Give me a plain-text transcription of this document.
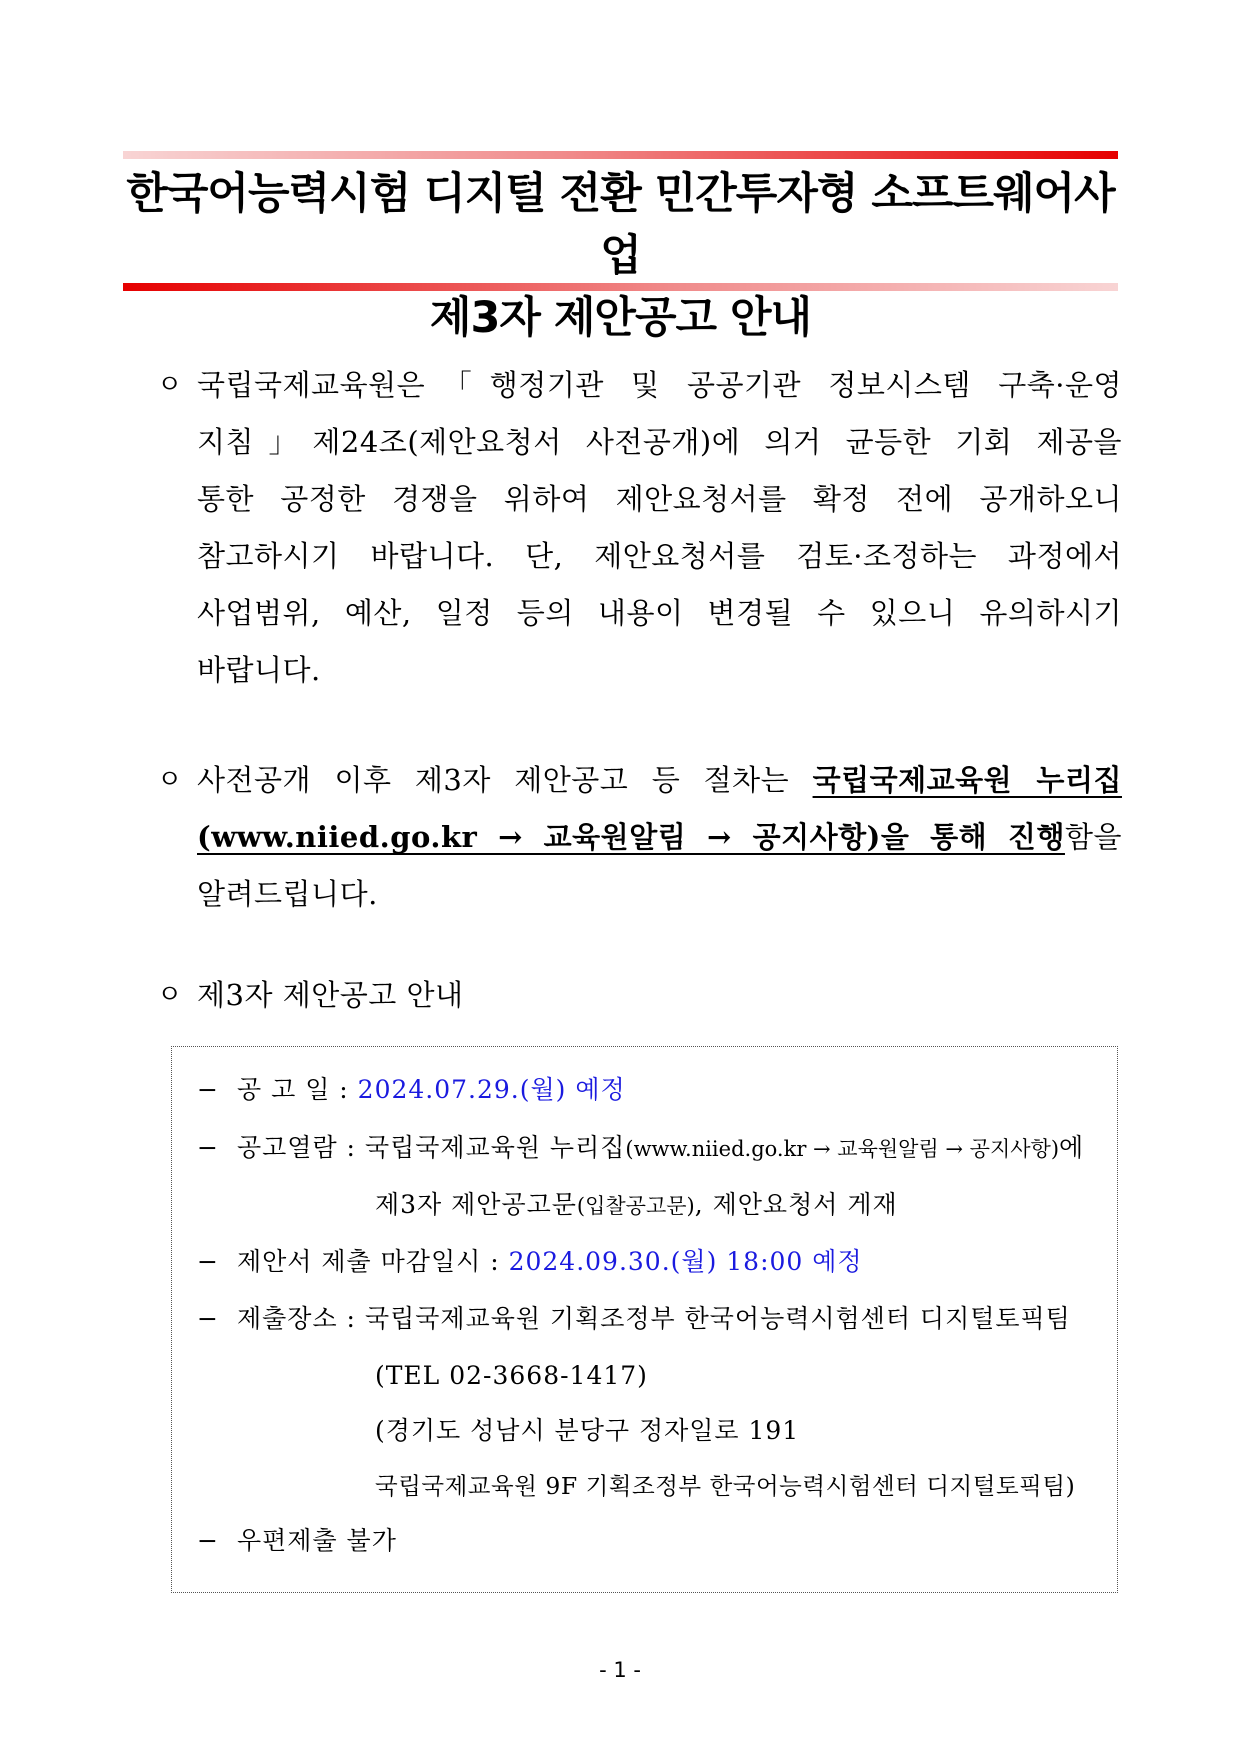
한국어능력시험 디지털 전환 민간투자형 소프트웨어사업
제3자 제안공고 안내
ㅇ 국립국제교육원은「행정기관 및 공공기관 정보시스템 구축·운영
지침」제24조(제안요청서 사전공개)에 의거 균등한 기회 제공을
통한 공정한 경쟁을 위하여 제안요청서를 확정 전에 공개하오니
참고하시기 바랍니다. 단, 제안요청서를 검토·조정하는 과정에서
사업범위, 예산, 일정 등의 내용이 변경될 수 있으니 유의하시기
바랍니다.
ㅇ 사전공개 이후 제3자 제안공고 등 절차는 국립국제교육원 누리집
(www.niied.go.kr → 교육원알림 → 공지사항)을 통해 진행함을
알려드립니다.
ㅇ 제3자 제안공고 안내
− 공 고 일 : 2024.07.29.(월) 예정
− 공고열람 : 국립국제교육원 누리집(www.niied.go.kr → 교육원알림 → 공지사항)에
제3자 제안공고문(입찰공고문), 제안요청서 게재
− 제안서 제출 마감일시 : 2024.09.30.(월) 18:00 예정
− 제출장소 : 국립국제교육원 기획조정부 한국어능력시험센터 디지털토픽팀
(TEL 02-3668-1417)
(경기도 성남시 분당구 정자일로 191
국립국제교육원 9F 기획조정부 한국어능력시험센터 디지털토픽팀)
− 우편제출 불가
- 1 -
